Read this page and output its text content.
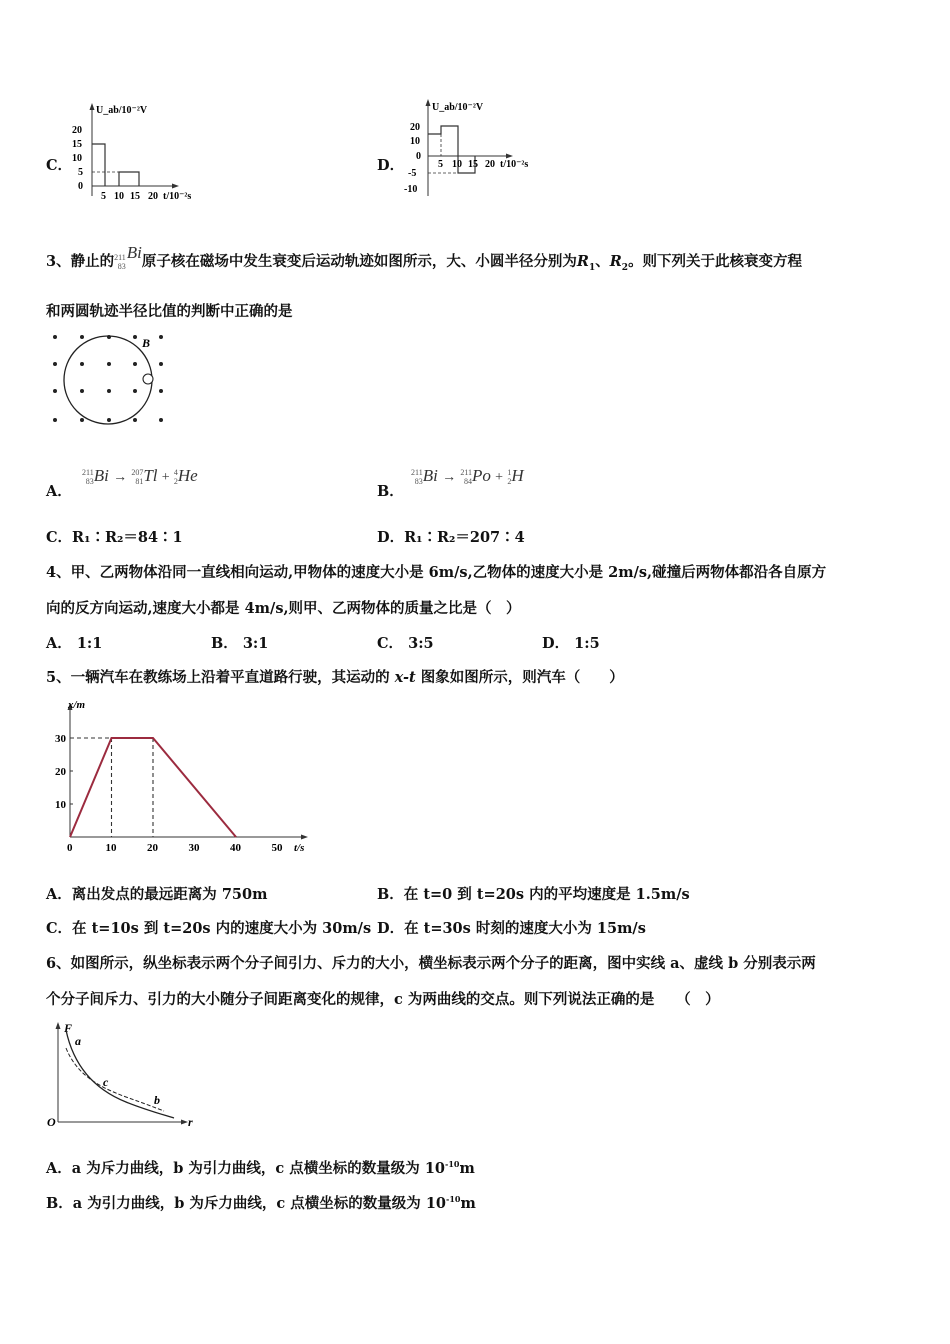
C．
U_ab/10⁻²V
20
15
10
5
0
5 10 15 20 t/10⁻²s
D．
U_ab/10⁻²V
20
10
0
-5
-10
5 10 15 20 t/10⁻²s
3、静止的211
83Bi原子核在磁场中发生衰变后运动轨迹如图所示，大、小圆半径分别为$R_1$、$R_2$。则下列关于此核衰变方程
和两圆轨迹半径比值的判断中正确的是
B
A．
211
83Bi → 207
81Tl + 4
2He
B．
211
83Bi → 211
84Po + 1
2H
C．R₁∶R₂＝84∶1	D．R₁∶R₂＝207∶4
4、甲、乙两物体沿同一直线相向运动,甲物体的速度大小是 6m/s,乙物体的速度大小是 2m/s,碰撞后两物体都沿各自原方
向的反方向运动,速度大小都是 4m/s,则甲、乙两物体的质量之比是（　）
A． 1:1	B． 3:1	C． 3:5	D． 1:5
5、一辆汽车在教练场上沿着平直道路行驶，其运动的 x-t 图象如图所示，则汽车（　　）
x/m
t/s
0	10	20	30	40	50
10
20
30
A．离出发点的最远距离为 750m	B．在 t=0 到 t=20s 内的平均速度是 1.5m/s
C．在 t=10s 到 t=20s 内的速度大小为 30m/s D．在 t=30s 时刻的速度大小为 15m/s
6、如图所示，纵坐标表示两个分子间引力、斥力的大小，横坐标表示两个分子的距离，图中实线 a、虚线 b 分别表示两
个分子间斥力、引力的大小随分子间距离变化的规律，c 为两曲线的交点。则下列说法正确的是　　（　）
F
r
O
a
b
c
A．a 为斥力曲线，b 为引力曲线，c 点横坐标的数量级为 $10^{-10}m$
B．a 为引力曲线，b 为斥力曲线，c 点横坐标的数量级为 $10^{-10}m$
